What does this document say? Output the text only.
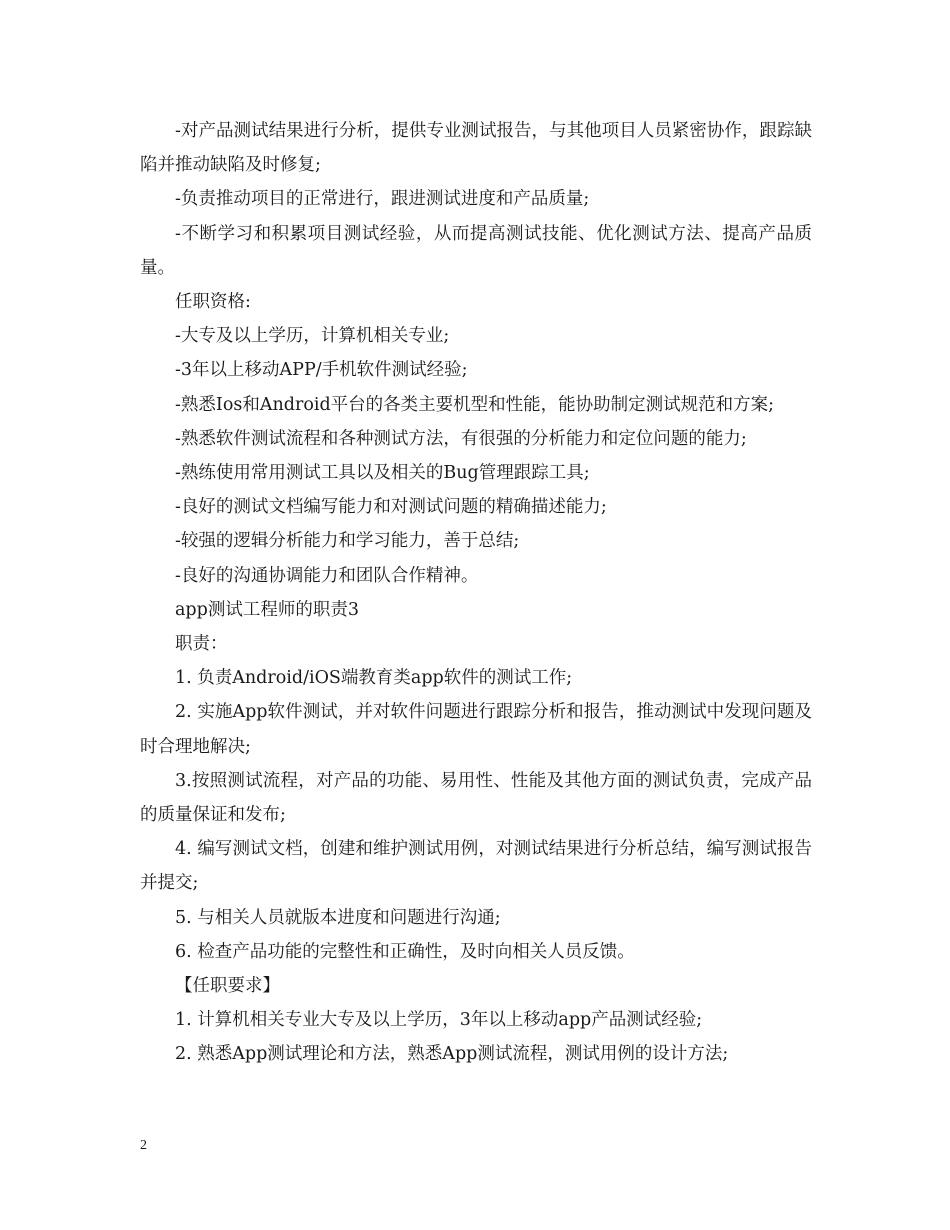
-对产品测试结果进行分析，提供专业测试报告，与其他项目人员紧密协作，跟踪缺陷并推动缺陷及时修复;

-负责推动项目的正常进行，跟进测试进度和产品质量;

-不断学习和积累项目测试经验，从而提高测试技能、优化测试方法、提高产品质量。

任职资格:

-大专及以上学历，计算机相关专业;

-3年以上移动APP/手机软件测试经验;

-熟悉Ios和Android平台的各类主要机型和性能，能协助制定测试规范和方案;

-熟悉软件测试流程和各种测试方法，有很强的分析能力和定位问题的能力;

-熟练使用常用测试工具以及相关的Bug管理跟踪工具;

-良好的测试文档编写能力和对测试问题的精确描述能力;

-较强的逻辑分析能力和学习能力，善于总结;

-良好的沟通协调能力和团队合作精神。

app测试工程师的职责3

职责：

1. 负责Android/iOS端教育类app软件的测试工作;

2. 实施App软件测试，并对软件问题进行跟踪分析和报告，推动测试中发现问题及时合理地解决;

3.按照测试流程，对产品的功能、易用性、性能及其他方面的测试负责，完成产品的质量保证和发布;

4. 编写测试文档，创建和维护测试用例，对测试结果进行分析总结，编写测试报告并提交;

5. 与相关人员就版本进度和问题进行沟通;

6. 检查产品功能的完整性和正确性，及时向相关人员反馈。

【任职要求】

1. 计算机相关专业大专及以上学历，3年以上移动app产品测试经验;

2. 熟悉App测试理论和方法，熟悉App测试流程，测试用例的设计方法;

2
